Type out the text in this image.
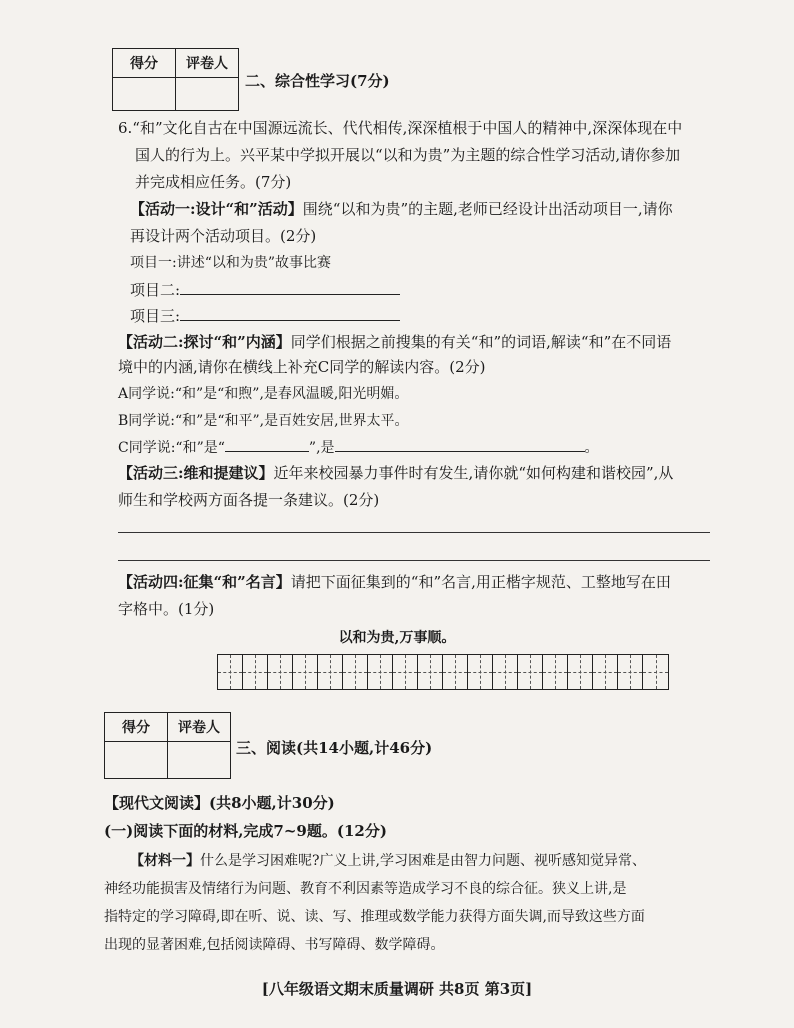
得分	评卷人

二、综合性学习(7分)
6.“和”文化自古在中国源远流长、代代相传,深深植根于中国人的精神中,深深体现在中
国人的行为上。兴平某中学拟开展以“以和为贵”为主题的综合性学习活动,请你参加
并完成相应任务。(7分)
【活动一:设计“和”活动】围绕“以和为贵”的主题,老师已经设计出活动项目一,请你
再设计两个活动项目。(2分)
项目一:讲述“以和为贵”故事比赛
项目二:
项目三:
【活动二:探讨“和”内涵】同学们根据之前搜集的有关“和”的词语,解读“和”在不同语
境中的内涵,请你在横线上补充C同学的解读内容。(2分)
A同学说:“和”是“和煦”,是春风温暖,阳光明媚。
B同学说:“和”是“和平”,是百姓安居,世界太平。
C同学说:“和”是“	”,是	。
【活动三:维和提建议】近年来校园暴力事件时有发生,请你就“如何构建和谐校园”,从
师生和学校两方面各提一条建议。(2分)
【活动四:征集“和”名言】请把下面征集到的“和”名言,用正楷字规范、工整地写在田
字格中。(1分)
以和为贵,万事顺。
得分	评卷人

三、阅读(共14小题,计46分)
【现代文阅读】(共8小题,计30分)
(一)阅读下面的材料,完成7~9题。(12分)
【材料一】什么是学习困难呢?广义上讲,学习困难是由智力问题、视听感知觉异常、
神经功能损害及情绪行为问题、教育不利因素等造成学习不良的综合征。狭义上讲,是
指特定的学习障碍,即在听、说、读、写、推理或数学能力获得方面失调,而导致这些方面
出现的显著困难,包括阅读障碍、书写障碍、数学障碍。
[八年级语文期末质量调研 共8页 第3页]
